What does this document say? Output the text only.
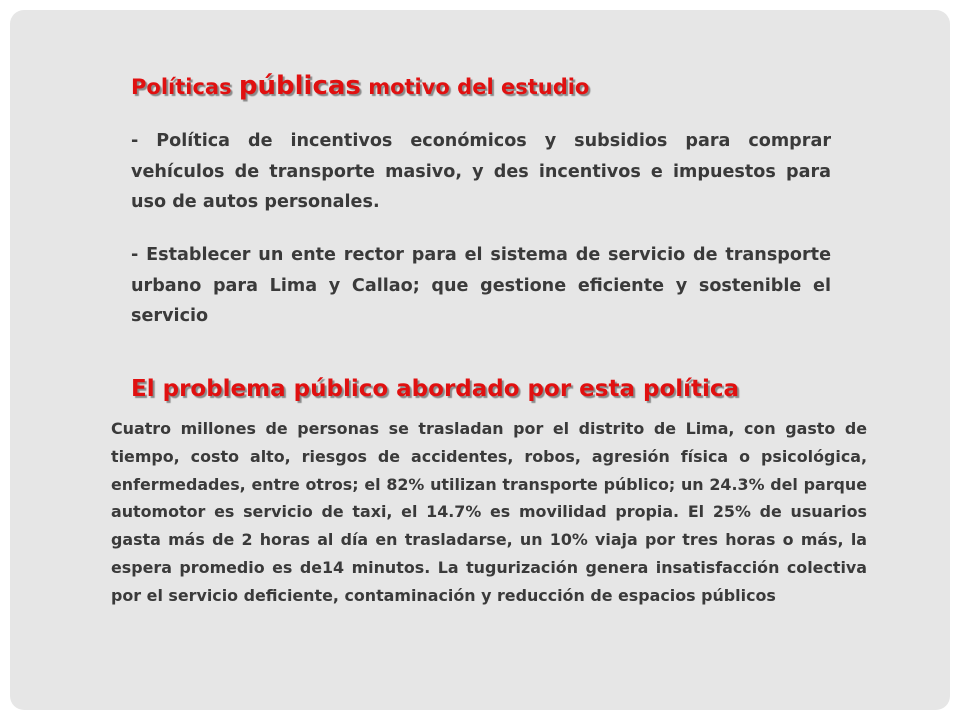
Políticas públicas motivo del estudio

- Política de incentivos económicos y subsidios para comprar vehículos de transporte masivo, y des incentivos e impuestos para uso de autos personales.

- Establecer un ente rector para el sistema de servicio de transporte urbano para Lima y Callao; que gestione eficiente y sostenible el servicio

El problema público abordado por esta política

Cuatro millones de personas se trasladan por el distrito de Lima, con gasto de tiempo, costo alto, riesgos de accidentes, robos, agresión física o psicológica, enfermedades, entre otros; el 82% utilizan transporte público; un 24.3% del parque automotor es servicio de taxi, el 14.7% es movilidad propia. El 25% de usuarios gasta más de 2 horas al día en trasladarse, un 10% viaja por tres horas o más, la espera promedio es de14 minutos. La tugurización genera insatisfacción colectiva por el servicio deficiente, contaminación y reducción de espacios públicos
